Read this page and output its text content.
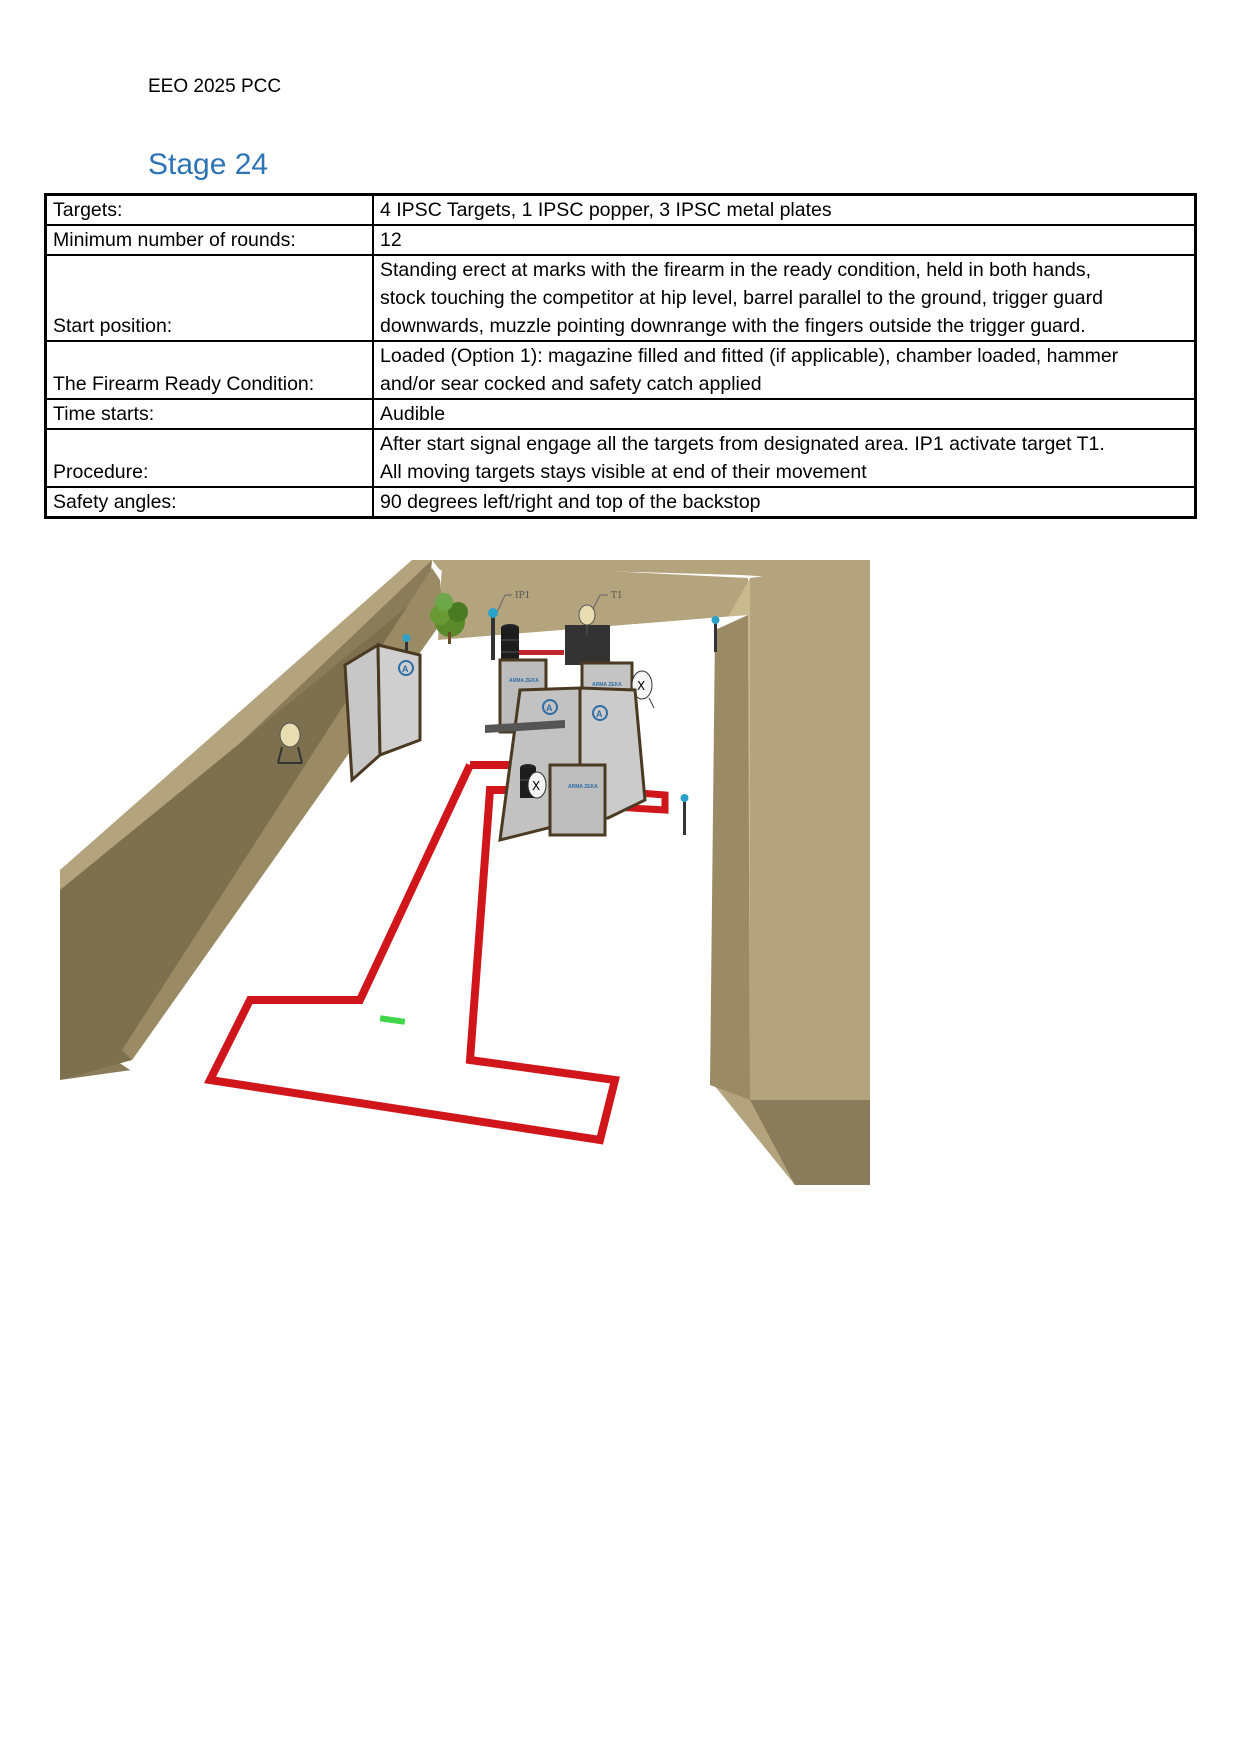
EEO 2025 PCC
Stage 24
Targets:	4 IPSC Targets, 1 IPSC popper, 3 IPSC metal plates
Minimum number of rounds:	12
Start position:	Standing erect at marks with the firearm in the ready condition, held in both hands,
stock touching the competitor at hip level, barrel parallel to the ground, trigger guard
downwards, muzzle pointing downrange with the fingers outside the trigger guard.

The Firearm Ready Condition:	Loaded (Option 1): magazine filled and fitted (if applicable), chamber loaded, hammer
and/or sear cocked and safety catch applied

Time starts:	Audible
Procedure:	After start signal engage all the targets from designated area. IP1 activate target T1.
All moving targets stays visible at end of their movement

Safety angles:	90 degrees left/right and top of the backstop
IP1	T1
ARMA ZEKA
ARMA ZEKA X
A
A
A
ARMA ZEKA
X
